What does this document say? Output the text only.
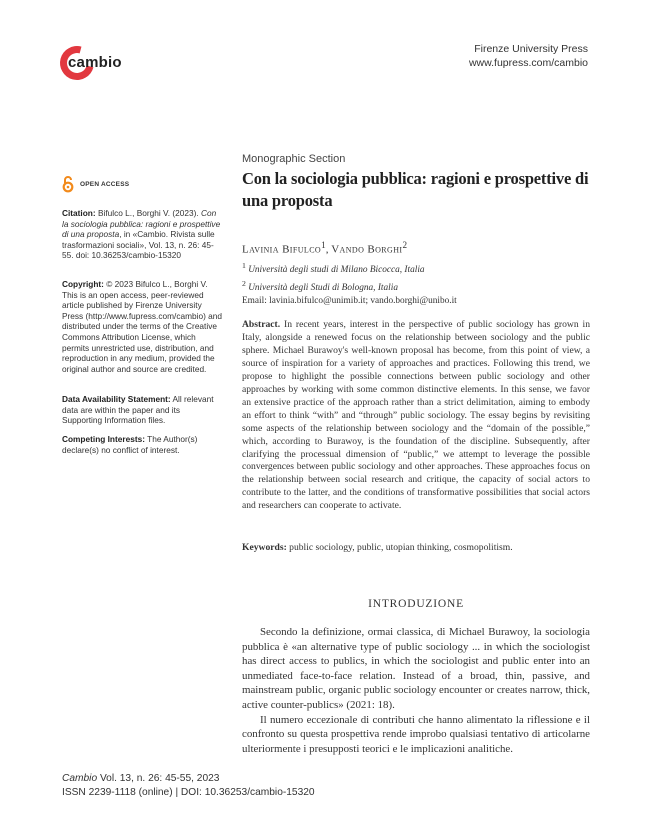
cambio
Firenze University Press
www.fupress.com/cambio
OPEN ACCESS
Citation: Bifulco L., Borghi V. (2023). Con la sociologia pubblica: ragioni e prospettive di una proposta, in «Cambio. Rivista sulle trasformazioni sociali», Vol. 13, n. 26: 45-55. doi: 10.36253/cambio-15320
Copyright: © 2023 Bifulco L., Borghi V. This is an open access, peer-reviewed article published by Firenze University Press (http://www.fupress.com/cambio) and distributed under the terms of the Creative Commons Attribution License, which permits unrestricted use, distribution, and reproduction in any medium, provided the original author and source are credited.
Data Availability Statement: All relevant data are within the paper and its Supporting Information files.
Competing Interests: The Author(s) declare(s) no conflict of interest.
Monographic Section
Con la sociologia pubblica: ragioni e prospettive di una proposta
Lavinia Bifulco$^1$, Vando Borghi$^2$
$^1$ Università degli studi di Milano Bicocca, Italia
$^2$ Università degli Studi di Bologna, Italia
Email: lavinia.bifulco@unimib.it; vando.borghi@unibo.it
Abstract. In recent years, interest in the perspective of public sociology has grown in Italy, alongside a renewed focus on the relationship between sociology and the public sphere. Michael Burawoy's well-known proposal has become, from this point of view, a source of inspiration for a variety of approaches and practices. Following this trend, we propose to highlight the possible connections between public sociology and other approaches by working with some common distinctive elements. In this sense, we favor an extensive practice of the approach rather than a strict delimitation, aiming to embody an effort to think “with” and “through” public sociology. The essay begins by revisiting some aspects of the relationship between sociology and the “domain of the possible,” which, according to Burawoy, is the foundation of the discipline. Subsequently, after clarifying the processual dimension of “public,” we attempt to leverage the possible convergences between public sociology and other approaches. These approaches focus on the relationship between social research and critique, the capacity of social actors to contribute to the latter, and the conditions of transformative possibilities that social actors and researchers can cooperate to activate.
Keywords: public sociology, public, utopian thinking, cosmopolitism.
INTRODUZIONE

Secondo la definizione, ormai classica, di Michael Burawoy, la sociologia pubblica è «an alternative type of public sociology ... in which the sociologist has direct access to publics, in which the sociologist and public enter into an unmediated face-to-face relation. Instead of a broad, thin, passive, and mainstream public, organic public sociology encounter or creates narrow, thick, active counter-publics» (2021: 18).

Il numero eccezionale di contributi che hanno alimentato la riflessione e il confronto su questa prospettiva rende improbo qualsiasi tentativo di articolarne ulteriormente i presupposti teorici e le implicazioni analitiche.

Cambio Vol. 13, n. 26: 45-55, 2023
ISSN 2239-1118 (online) | DOI: 10.36253/cambio-15320
